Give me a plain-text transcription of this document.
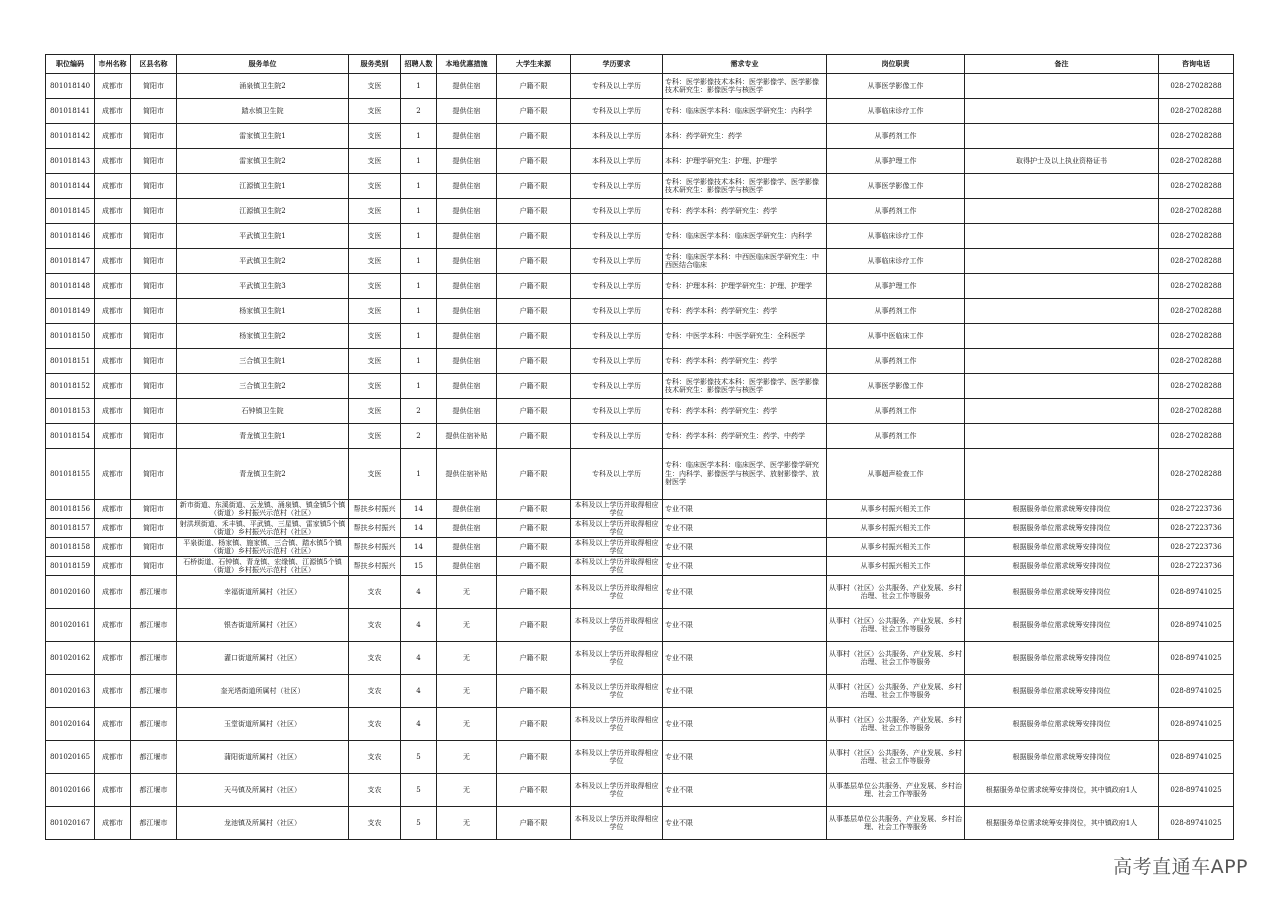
职位编码	市州名称	区县名称	服务单位	服务类别	招聘人数	本地优惠措施	大学生来源	学历要求	需求专业	岗位职责	备注	咨询电话
801018140	成都市	简阳市	涌泉镇卫生院2	支医	1	提供住宿	户籍不限	专科及以上学历	专科：医学影像技术本科：医学影像学、医学影像技术研究生：影像医学与核医学	从事医学影像工作		028-27028288
801018141	成都市	简阳市	踏水镇卫生院	支医	2	提供住宿	户籍不限	专科及以上学历	专科：临床医学本科：临床医学研究生：内科学	从事临床诊疗工作		028-27028288
801018142	成都市	简阳市	雷家镇卫生院1	支医	1	提供住宿	户籍不限	本科及以上学历	本科：药学研究生：药学	从事药剂工作		028-27028288
801018143	成都市	简阳市	雷家镇卫生院2	支医	1	提供住宿	户籍不限	本科及以上学历	本科：护理学研究生：护理、护理学	从事护理工作	取得护士及以上执业资格证书	028-27028288
801018144	成都市	简阳市	江源镇卫生院1	支医	1	提供住宿	户籍不限	专科及以上学历	专科：医学影像技术本科：医学影像学、医学影像技术研究生：影像医学与核医学	从事医学影像工作		028-27028288
801018145	成都市	简阳市	江源镇卫生院2	支医	1	提供住宿	户籍不限	专科及以上学历	专科：药学本科：药学研究生：药学	从事药剂工作		028-27028288
801018146	成都市	简阳市	平武镇卫生院1	支医	1	提供住宿	户籍不限	专科及以上学历	专科：临床医学本科：临床医学研究生：内科学	从事临床诊疗工作		028-27028288
801018147	成都市	简阳市	平武镇卫生院2	支医	1	提供住宿	户籍不限	专科及以上学历	专科：临床医学本科：中西医临床医学研究生：中西医结合临床	从事临床诊疗工作		028-27028288
801018148	成都市	简阳市	平武镇卫生院3	支医	1	提供住宿	户籍不限	专科及以上学历	专科：护理本科：护理学研究生：护理、护理学	从事护理工作		028-27028288
801018149	成都市	简阳市	杨家镇卫生院1	支医	1	提供住宿	户籍不限	专科及以上学历	专科：药学本科：药学研究生：药学	从事药剂工作		028-27028288
801018150	成都市	简阳市	杨家镇卫生院2	支医	1	提供住宿	户籍不限	专科及以上学历	专科：中医学本科：中医学研究生：全科医学	从事中医临床工作		028-27028288
801018151	成都市	简阳市	三合镇卫生院1	支医	1	提供住宿	户籍不限	专科及以上学历	专科：药学本科：药学研究生：药学	从事药剂工作		028-27028288
801018152	成都市	简阳市	三合镇卫生院2	支医	1	提供住宿	户籍不限	专科及以上学历	专科：医学影像技术本科：医学影像学、医学影像技术研究生：影像医学与核医学	从事医学影像工作		028-27028288
801018153	成都市	简阳市	石钟镇卫生院	支医	2	提供住宿	户籍不限	专科及以上学历	专科：药学本科：药学研究生：药学	从事药剂工作		028-27028288
801018154	成都市	简阳市	青龙镇卫生院1	支医	2	提供住宿补贴	户籍不限	专科及以上学历	专科：药学本科：药学研究生：药学、中药学	从事药剂工作		028-27028288
801018155	成都市	简阳市	青龙镇卫生院2	支医	1	提供住宿补贴	户籍不限	专科及以上学历	专科：临床医学本科：临床医学、医学影像学研究生：内科学、影像医学与核医学、放射影像学、放射医学	从事超声检查工作		028-27028288
801018156	成都市	简阳市	新市街道、东溪街道、云龙镇、涌泉镇、镇金镇5个镇（街道）乡村振兴示范村（社区）	帮扶乡村振兴	14	提供住宿	户籍不限	本科及以上学历并取得相应学位	专业不限	从事乡村振兴相关工作	根据服务单位需求统筹安排岗位	028-27223736
801018157	成都市	简阳市	射洪坝街道、禾丰镇、平武镇、三星镇、雷家镇5个镇（街道）乡村振兴示范村（社区）	帮扶乡村振兴	14	提供住宿	户籍不限	本科及以上学历并取得相应学位	专业不限	从事乡村振兴相关工作	根据服务单位需求统筹安排岗位	028-27223736
801018158	成都市	简阳市	平泉街道、杨家镇、施家镇、三合镇、踏水镇5个镇（街道）乡村振兴示范村（社区）	帮扶乡村振兴	14	提供住宿	户籍不限	本科及以上学历并取得相应学位	专业不限	从事乡村振兴相关工作	根据服务单位需求统筹安排岗位	028-27223736
801018159	成都市	简阳市	石桥街道、石钟镇、青龙镇、宏缘镇、江源镇5个镇（街道）乡村振兴示范村（社区）	帮扶乡村振兴	15	提供住宿	户籍不限	本科及以上学历并取得相应学位	专业不限	从事乡村振兴相关工作	根据服务单位需求统筹安排岗位	028-27223736
801020160	成都市	都江堰市	幸福街道所属村（社区）	支农	4	无	户籍不限	本科及以上学历并取得相应学位	专业不限	从事村（社区）公共服务、产业发展、乡村治理、社会工作等服务	根据服务单位需求统筹安排岗位	028-89741025
801020161	成都市	都江堰市	银杏街道所属村（社区）	支农	4	无	户籍不限	本科及以上学历并取得相应学位	专业不限	从事村（社区）公共服务、产业发展、乡村治理、社会工作等服务	根据服务单位需求统筹安排岗位	028-89741025
801020162	成都市	都江堰市	灌口街道所属村（社区）	支农	4	无	户籍不限	本科及以上学历并取得相应学位	专业不限	从事村（社区）公共服务、产业发展、乡村治理、社会工作等服务	根据服务单位需求统筹安排岗位	028-89741025
801020163	成都市	都江堰市	奎光塔街道所属村（社区）	支农	4	无	户籍不限	本科及以上学历并取得相应学位	专业不限	从事村（社区）公共服务、产业发展、乡村治理、社会工作等服务	根据服务单位需求统筹安排岗位	028-89741025
801020164	成都市	都江堰市	玉堂街道所属村（社区）	支农	4	无	户籍不限	本科及以上学历并取得相应学位	专业不限	从事村（社区）公共服务、产业发展、乡村治理、社会工作等服务	根据服务单位需求统筹安排岗位	028-89741025
801020165	成都市	都江堰市	蒲阳街道所属村（社区）	支农	5	无	户籍不限	本科及以上学历并取得相应学位	专业不限	从事村（社区）公共服务、产业发展、乡村治理、社会工作等服务	根据服务单位需求统筹安排岗位	028-89741025
801020166	成都市	都江堰市	天马镇及所属村（社区）	支农	5	无	户籍不限	本科及以上学历并取得相应学位	专业不限	从事基层单位公共服务、产业发展、乡村治理、社会工作等服务	根据服务单位需求统筹安排岗位，其中镇政府1人	028-89741025
801020167	成都市	都江堰市	龙池镇及所属村（社区）	支农	5	无	户籍不限	本科及以上学历并取得相应学位	专业不限	从事基层单位公共服务、产业发展、乡村治理、社会工作等服务	根据服务单位需求统筹安排岗位，其中镇政府1人	028-89741025
高考直通车APP
